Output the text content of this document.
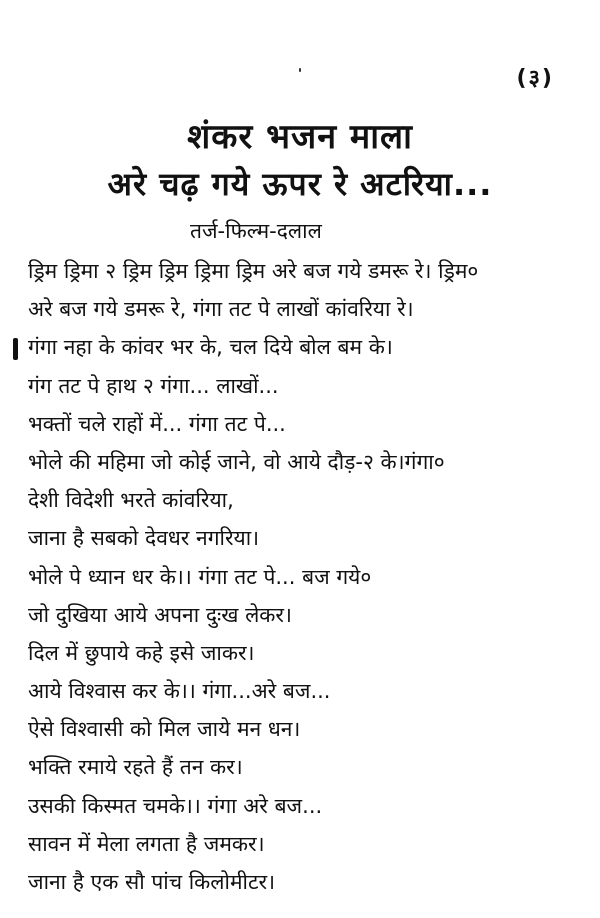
(३)
शंकर भजन माला
अरे चढ़ गये ऊपर रे अटरिया...
तर्ज-फिल्म-दलाल
ड्रिम ड्रिमा २ ड्रिम ड्रिम ड्रिमा ड्रिम अरे बज गये डमरू रे। ड्रिम०
अरे बज गये डमरू रे, गंगा तट पे लाखों कांवरिया रे।
गंगा नहा के कांवर भर के, चल दिये बोल बम के।
गंग तट पे हाथ २ गंगा... लाखों...
भक्तों चले राहों में... गंगा तट पे...
भोले की महिमा जो कोई जाने, वो आये दौड़-२ के।गंगा०
देशी विदेशी भरते कांवरिया,
जाना है सबको देवधर नगरिया।
भोले पे ध्यान धर के।। गंगा तट पे... बज गये०
जो दुखिया आये अपना दुःख लेकर।
दिल में छुपाये कहे इसे जाकर।
आये विश्वास कर के।। गंगा...अरे बज...
ऐसे विश्वासी को मिल जाये मन धन।
भक्ति रमाये रहते हैं तन कर।
उसकी किस्मत चमके।। गंगा अरे बज...
सावन में मेला लगता है जमकर।
जाना है एक सौ पांच किलोमीटर।
